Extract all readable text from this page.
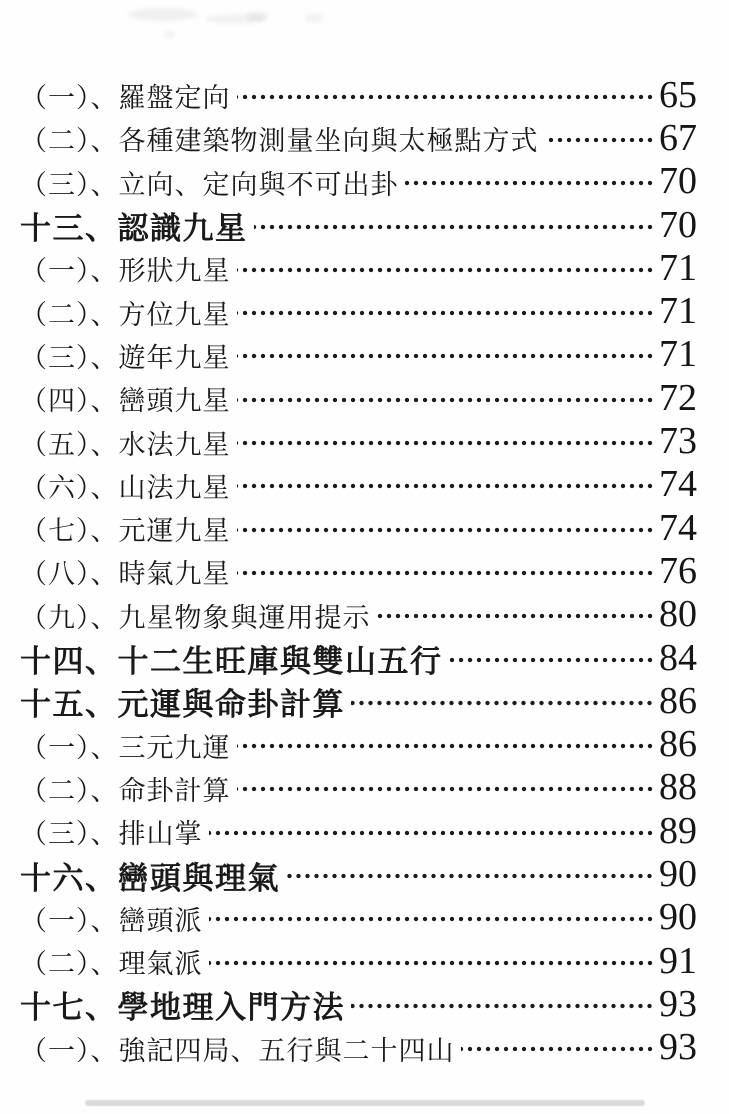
（一）、羅盤定向	65
（二）、各種建築物測量坐向與太極點方式	67
（三）、立向、定向與不可出卦	70
十三、認識九星	70
（一）、形狀九星	71
（二）、方位九星	71
（三）、遊年九星	71
（四）、巒頭九星	72
（五）、水法九星	73
（六）、山法九星	74
（七）、元運九星	74
（八）、時氣九星	76
（九）、九星物象與運用提示	80
十四、十二生旺庫與雙山五行	84
十五、元運與命卦計算	86
（一）、三元九運	86
（二）、命卦計算	88
（三）、排山掌	89
十六、巒頭與理氣	90
（一）、巒頭派	90
（二）、理氣派	91
十七、學地理入門方法	93
（一）、強記四局、五行與二十四山	93
